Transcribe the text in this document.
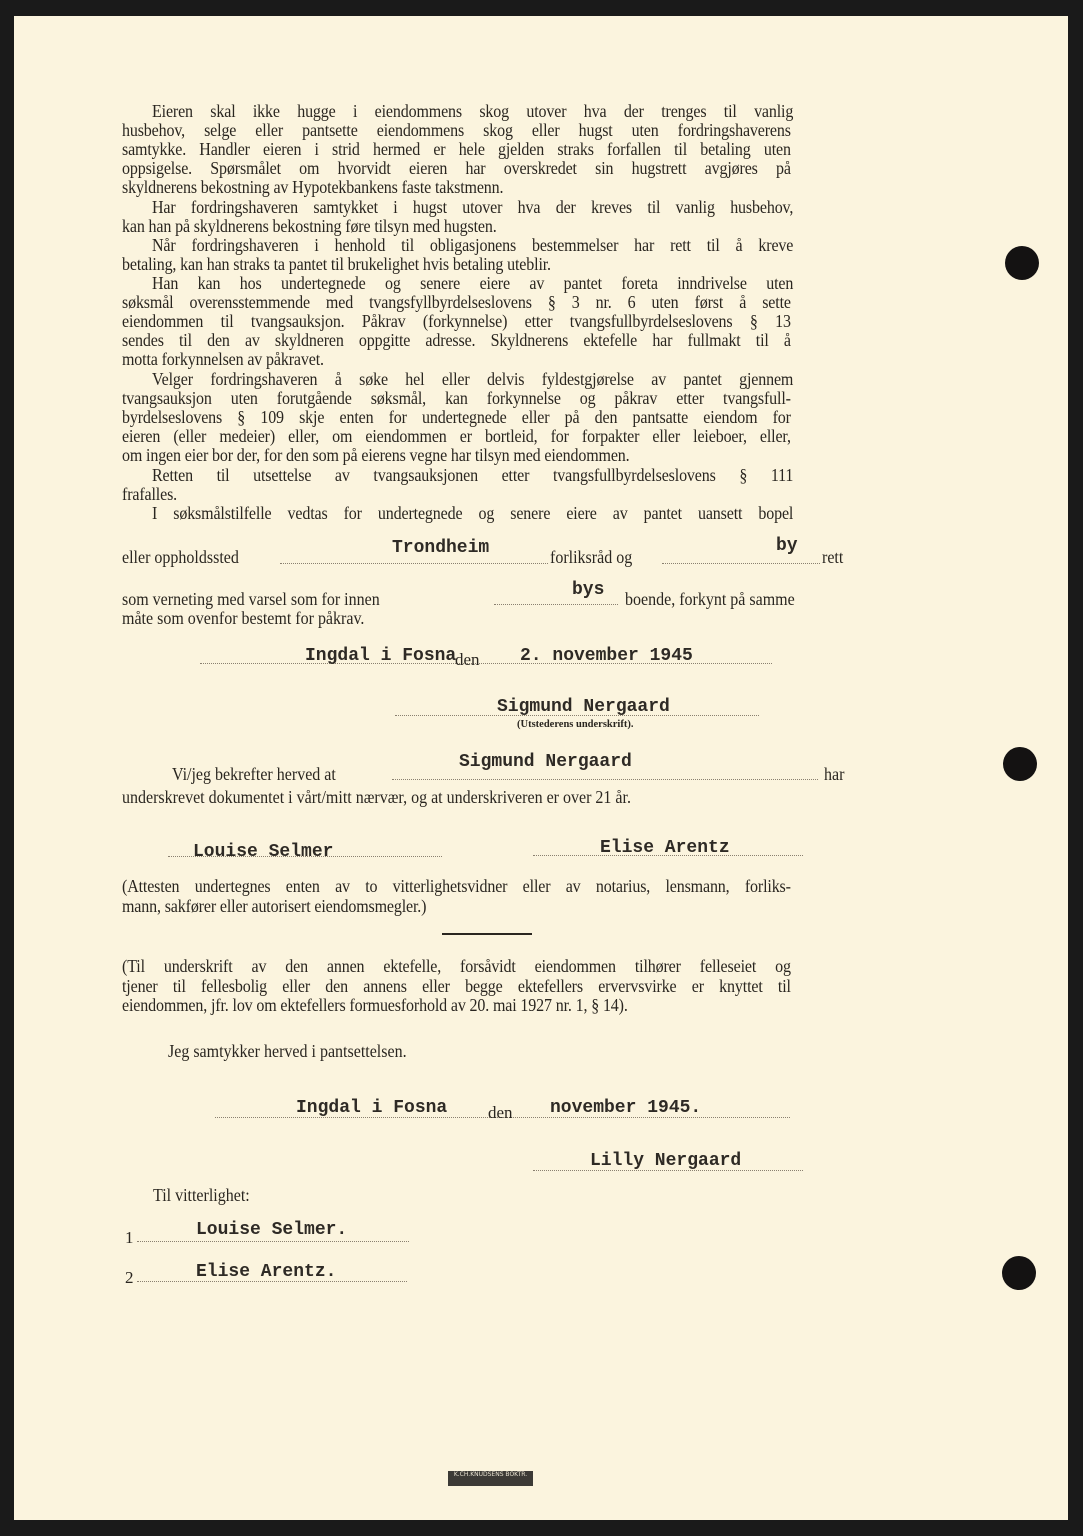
Eieren skal ikke hugge i eiendommens skog utover hva der trenges til vanlig
husbehov, selge eller pantsette eiendommens skog eller hugst uten fordringshaverens
samtykke. Handler eieren i strid hermed er hele gjelden straks forfallen til betaling uten
oppsigelse. Spørsmålet om hvorvidt eieren har overskredet sin hugstrett avgjøres på
skyldnerens bekostning av Hypotekbankens faste takstmenn.
Har fordringshaveren samtykket i hugst utover hva der kreves til vanlig husbehov,
kan han på skyldnerens bekostning føre tilsyn med hugsten.
Når fordringshaveren i henhold til obligasjonens bestemmelser har rett til å kreve
betaling, kan han straks ta pantet til brukelighet hvis betaling uteblir.
Han kan hos undertegnede og senere eiere av pantet foreta inndrivelse uten
søksmål overensstemmende med tvangsfyllbyrdelseslovens § 3 nr. 6 uten først å sette
eiendommen til tvangsauksjon. Påkrav (forkynnelse) etter tvangsfullbyrdelseslovens § 13
sendes til den av skyldneren oppgitte adresse. Skyldnerens ektefelle har fullmakt til å
motta forkynnelsen av påkravet.
Velger fordringshaveren å søke hel eller delvis fyldestgjørelse av pantet gjennem
tvangsauksjon uten forutgående søksmål, kan forkynnelse og påkrav etter tvangsfull-
byrdelseslovens § 109 skje enten for undertegnede eller på den pantsatte eiendom for
eieren (eller medeier) eller, om eiendommen er bortleid, for forpakter eller leieboer, eller,
om ingen eier bor der, for den som på eierens vegne har tilsyn med eiendommen.
Retten til utsettelse av tvangsauksjonen etter tvangsfullbyrdelseslovens § 111
frafalles.
I søksmålstilfelle vedtas for undertegnede og senere eiere av pantet uansett bopel
eller oppholdssted	Trondheim	forliksråd og
by
rett
som verneting med varsel som for innen	bys boende, forkynt på samme
måte som ovenfor bestemt for påkrav.
Ingdal i Fosna
den 2. november 1945
Sigmund Nergaard
(Utstederens underskrift).
Vi/jeg bekrefter herved at
Sigmund Nergaard
har
underskrevet dokumentet i vårt/mitt nærvær, og at underskriveren er over 21 år.
Louise Selmer	Elise Arentz
(Attesten undertegnes enten av to vitterlighetsvidner eller av notarius, lensmann, forliks-
mann, sakfører eller autorisert eiendomsmegler.)
(Til underskrift av den annen ektefelle, forsåvidt eiendommen tilhører felleseiet og
tjener til fellesbolig eller den annens eller begge ektefellers ervervsvirke er knyttet til
eiendommen, jfr. lov om ektefellers formuesforhold av 20. mai 1927 nr. 1, § 14).
Jeg samtykker herved i pantsettelsen.
Ingdal i Fosna den november 1945.
Lilly Nergaard
Til vitterlighet:
1	Louise Selmer.
2	Elise Arentz.
K.CH.KNUDSENS BOKTR.
